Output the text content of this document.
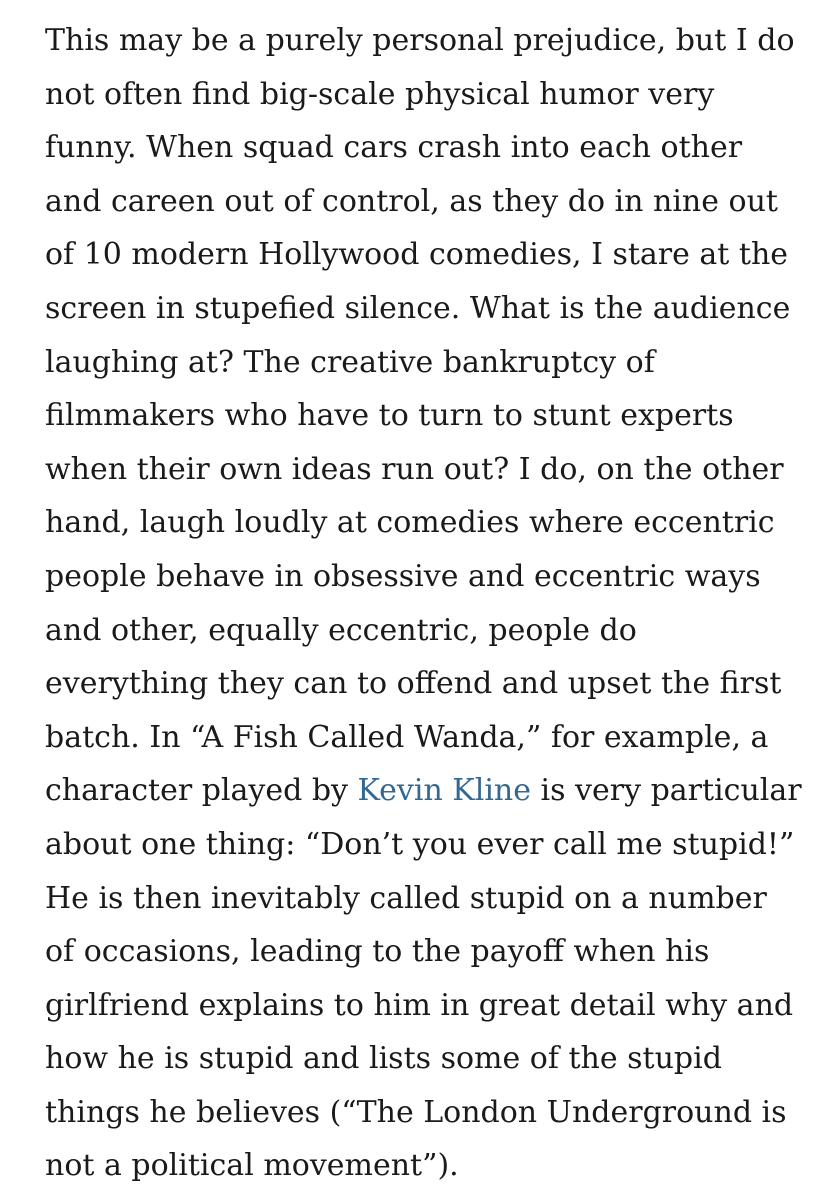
This may be a purely personal prejudice, but I do
not often find big-scale physical humor very
funny. When squad cars crash into each other
and careen out of control, as they do in nine out
of 10 modern Hollywood comedies, I stare at the
screen in stupefied silence. What is the audience
laughing at? The creative bankruptcy of
filmmakers who have to turn to stunt experts
when their own ideas run out? I do, on the other
hand, laugh loudly at comedies where eccentric
people behave in obsessive and eccentric ways
and other, equally eccentric, people do
everything they can to offend and upset the first
batch. In “A Fish Called Wanda,” for example, a
character played by Kevin Kline is very particular
about one thing: “Don’t you ever call me stupid!”
He is then inevitably called stupid on a number
of occasions, leading to the payoff when his
girlfriend explains to him in great detail why and
how he is stupid and lists some of the stupid
things he believes (“The London Underground is
not a political movement”).
